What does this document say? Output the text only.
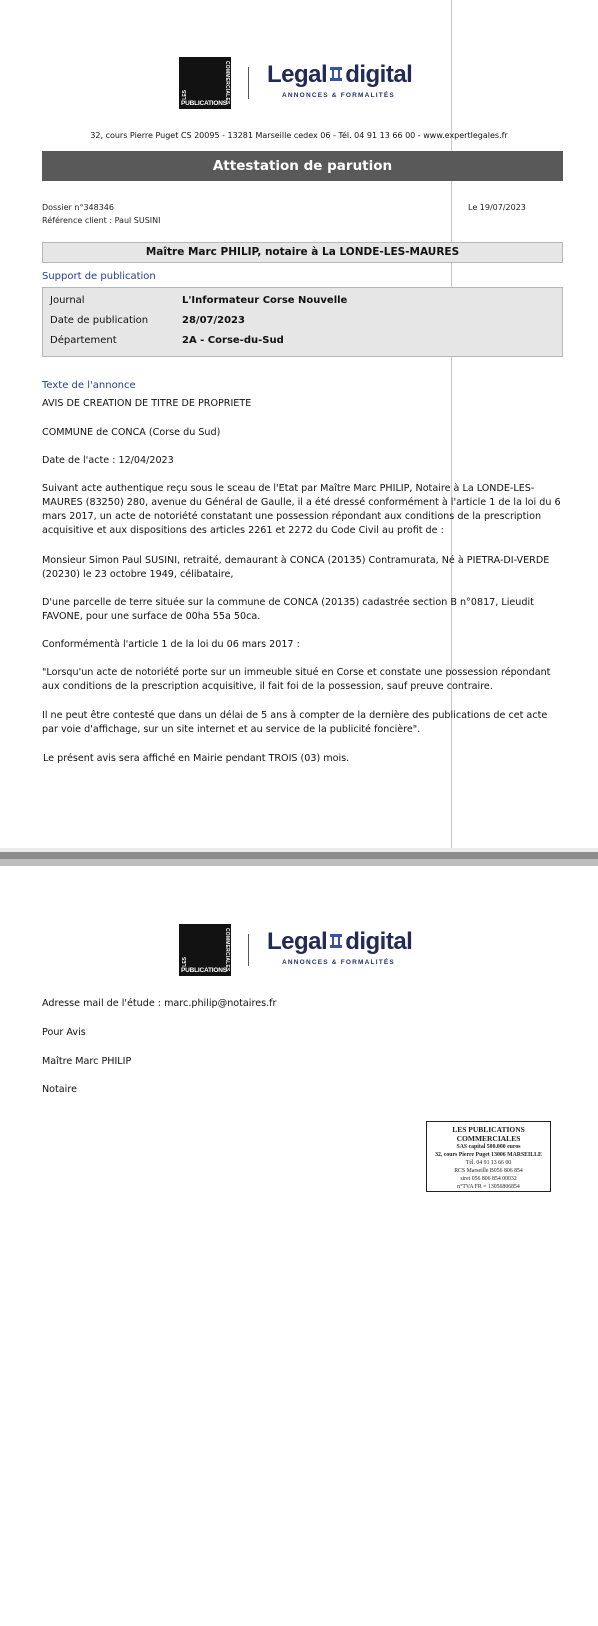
COMMERCIALES
LES
PUBLICATIONS
Legal digital
ANNONCES & FORMALITÉS
32, cours Pierre Puget CS 20095 - 13281 Marseille cedex 06 - Tél. 04 91 13 66 00 - www.expertlegales.fr
Attestation de parution
Dossier n°348346
Référence client : Paul SUSINI
Le 19/07/2023
Maître Marc PHILIP, notaire à La LONDE-LES-MAURES
Support de publication
Journal	L'Informateur Corse Nouvelle
Date de publication	28/07/2023
Département	2A - Corse-du-Sud
Texte de l'annonce
AVIS DE CREATION DE TITRE DE PROPRIETE
COMMUNE de CONCA (Corse du Sud)
Date de l'acte : 12/04/2023
Suivant acte authentique reçu sous le sceau de l'Etat par Maître Marc PHILIP, Notaire à La LONDE-LES-
MAURES (83250) 280, avenue du Général de Gaulle, il a été dressé conformément à l'article 1 de la loi du 6
mars 2017, un acte de notoriété constatant une possession répondant aux conditions de la prescription
acquisitive et aux dispositions des articles 2261 et 2272 du Code Civil au profit de :
Monsieur Simon Paul SUSINI, retraité, demaurant à CONCA (20135) Contramurata, Né à PIETRA-DI-VERDE
(20230) le 23 octobre 1949, célibataire,
D'une parcelle de terre située sur la commune de CONCA (20135) cadastrée section B n°0817, Lieudit
FAVONE, pour une surface de 00ha 55a 50ca.
Conformémentà l'article 1 de la loi du 06 mars 2017 :
"Lorsqu'un acte de notoriété porte sur un immeuble situé en Corse et constate une possession répondant
aux conditions de la prescription acquisitive, il fait foi de la possession, sauf preuve contraire.
Il ne peut être contesté que dans un délai de 5 ans à compter de la dernière des publications de cet acte
par voie d'affichage, sur un site internet et au service de la publicité foncière".
Le présent avis sera affiché en Mairie pendant TROIS (03) mois.
COMMERCIALES
LES
PUBLICATIONS
Legal digital
ANNONCES & FORMALITÉS
Adresse mail de l'étude : marc.philip@notaires.fr
Pour Avis
Maître Marc PHILIP
Notaire
LES PUBLICATIONS COMMERCIALES
SAS capital 500.000 euros
32, cours Pierre Puget 13006 MARSEILLE
Tél. 04 91 13 66 00
RCS Marseille B056 806 854
siret 056 806 854 00032
n°TVA FR = 13056806854
